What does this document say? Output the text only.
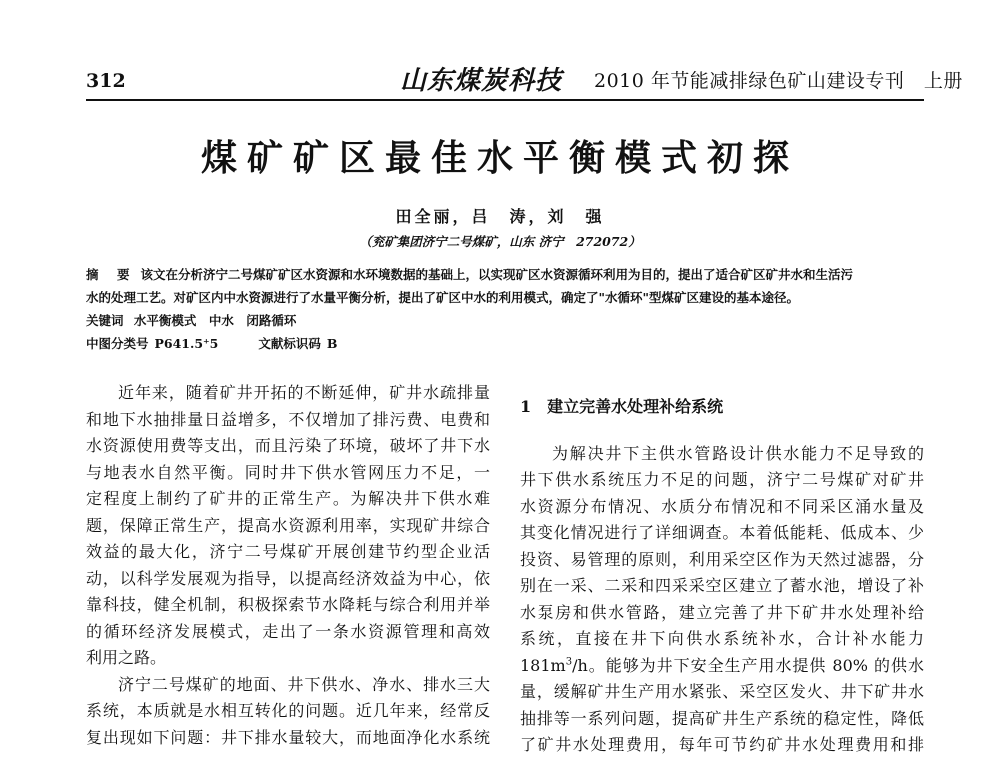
312	山东煤炭科技 2010 年节能减排绿色矿山建设专刊　上册
煤矿矿区最佳水平衡模式初探
田全丽，吕　涛，刘　强
（兖矿集团济宁二号煤矿，山东 济宁　272072）
摘　要 该文在分析济宁二号煤矿矿区水资源和水环境数据的基础上，以实现矿区水资源循环利用为目的，提出了适合矿区矿井水和生活污
水的处理工艺。对矿区内中水资源进行了水量平衡分析，提出了矿区中水的利用模式，确定了"水循环"型煤矿区建设的基本途径。
关键词 水平衡模式　中水　闭路循环
中图分类号 P641.5⁺5	文献标识码 B
近年来，随着矿井开拓的不断延伸，矿井水疏排量
和地下水抽排量日益增多，不仅增加了排污费、电费和
水资源使用费等支出，而且污染了环境，破坏了井下水
与地表水自然平衡。同时井下供水管网压力不足，一
定程度上制约了矿井的正常生产。为解决井下供水难
题，保障正常生产，提高水资源利用率，实现矿井综合
效益的最大化，济宁二号煤矿开展创建节约型企业活
动，以科学发展观为指导，以提高经济效益为中心，依
靠科技，健全机制，积极探索节水降耗与综合利用并举
的循环经济发展模式，走出了一条水资源管理和高效
利用之路。
济宁二号煤矿的地面、井下供水、净水、排水三大
系统，本质就是水相互转化的问题。近几年来，经常反
复出现如下问题：井下排水量较大，而地面净化水系统
1　建立完善水处理补给系统
为解决井下主供水管路设计供水能力不足导致的
井下供水系统压力不足的问题，济宁二号煤矿对矿井
水资源分布情况、水质分布情况和不同采区涌水量及
其变化情况进行了详细调查。本着低能耗、低成本、少
投资、易管理的原则，利用采空区作为天然过滤器，分
别在一采、二采和四采采空区建立了蓄水池，增设了补
水泵房和供水管路，建立完善了井下矿井水处理补给
系统，直接在井下向供水系统补水，合计补水能力
$181m^3/h$。能够为井下安全生产用水提供 80% 的供水
量，缓解矿井生产用水紧张、采空区发火、井下矿井水
抽排等一系列问题，提高矿井生产系统的稳定性，降低
了矿井水处理费用，每年可节约矿井水处理费用和排
